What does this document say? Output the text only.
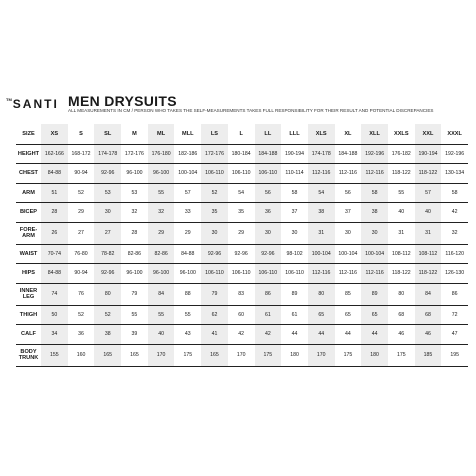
™SANTI MEN DRYSUITS
ALL MEASUREMENTS IN CM / PERSON WHO TAKES THE SELF-MEASUREMENTS TAKES FULL RESPONSIBILITY FOR THEIR RESULT AND POTENTIAL DISCREPANCIES
SIZE	XS	S	SL	M	ML	MLL	LS	L	LL	LLL	XLS	XL	XLL	XXLS	XXL	XXXL
HEIGHT	162-166	168-172	174-178	172-176	176-180	182-186	172-176	180-184	184-188	190-194	174-178	184-188	192-196	176-182	190-194	192-196
CHEST	84-88	90-94	92-96	96-100	96-100	100-104	106-110	106-110	106-110	110-114	112-116	112-116	112-116	118-122	118-122	130-134
ARM	51	52	53	53	55	57	52	54	56	58	54	56	58	55	57	58
BICEP	28	29	30	32	32	33	35	35	36	37	38	37	38	40	40	42
FORE-ARM	26	27	27	28	29	29	30	29	30	30	31	30	30	31	31	32
WAIST	70-74	76-80	78-82	82-86	82-86	84-88	92-96	92-96	92-96	98-102	100-104	100-104	100-104	108-112	108-112	116-120
HIPS	84-88	90-94	92-96	96-100	96-100	96-100	106-110	106-110	106-110	106-110	112-116	112-116	112-116	118-122	118-122	126-130
INNER LEG	74	76	80	79	84	88	79	83	86	89	80	85	89	80	84	86
THIGH	50	52	52	55	55	55	62	60	61	61	65	65	65	68	68	72
CALF	34	36	38	39	40	43	41	42	42	44	44	44	44	46	46	47
BODY TRUNK	155	160	165	165	170	175	165	170	175	180	170	175	180	175	185	195
